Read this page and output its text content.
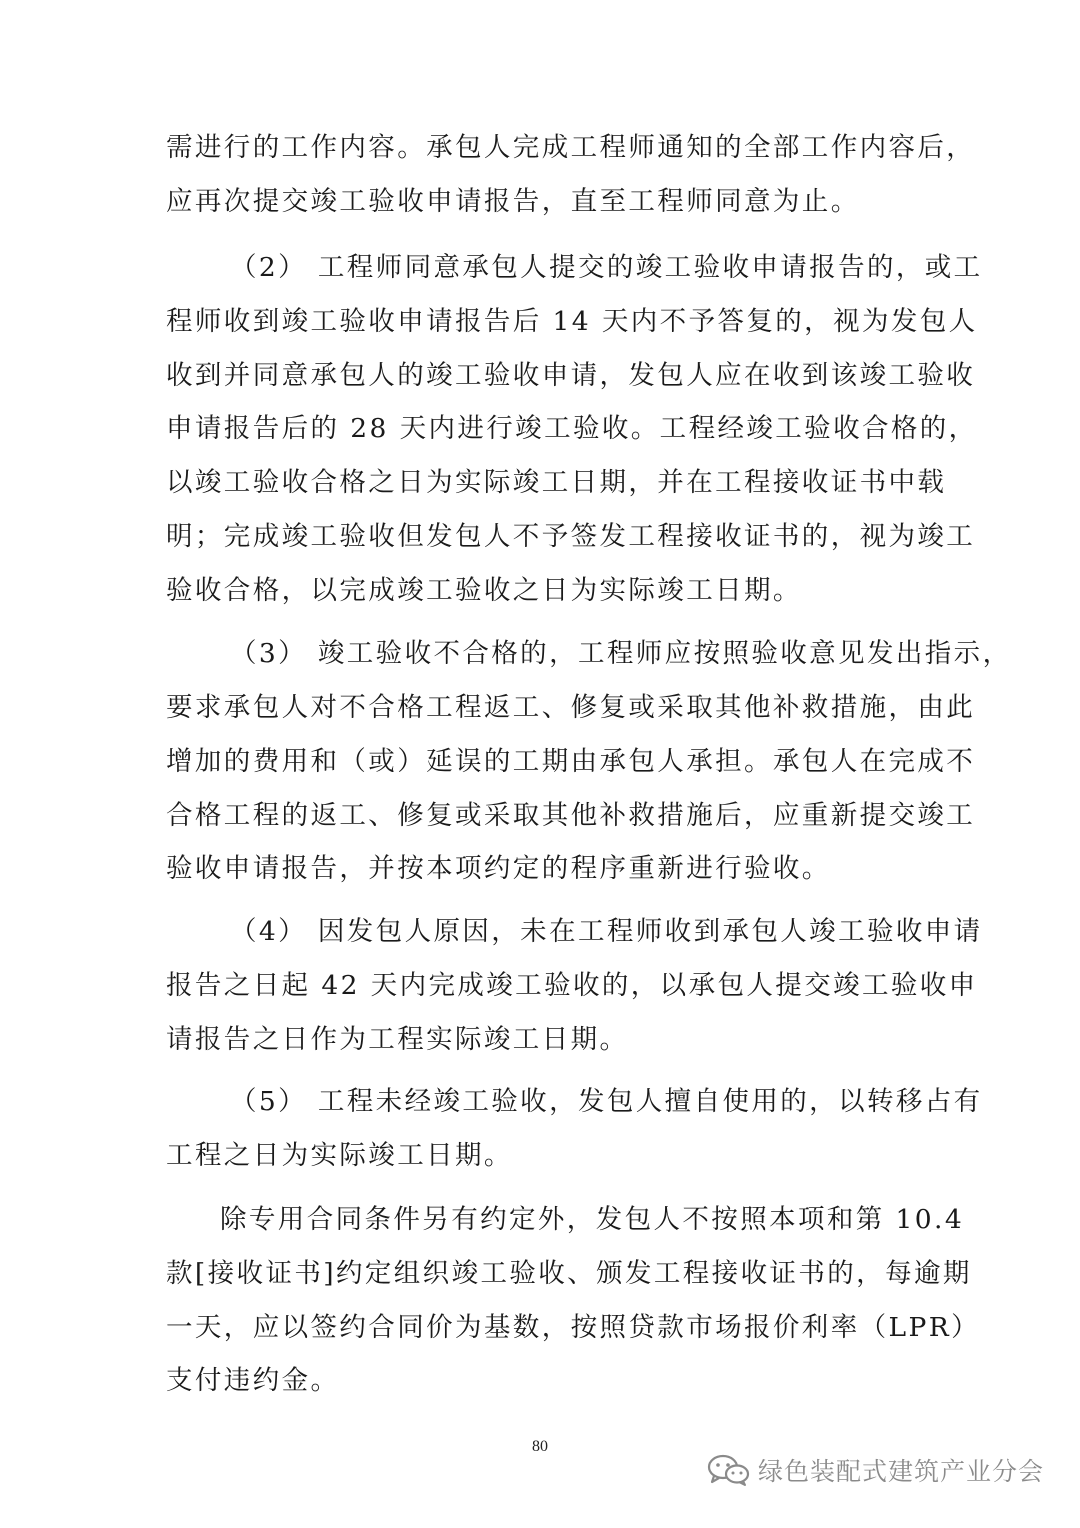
需进行的工作内容。承包人完成工程师通知的全部工作内容后，
应再次提交竣工验收申请报告，直至工程师同意为止。
（2） 工程师同意承包人提交的竣工验收申请报告的，或工
程师收到竣工验收申请报告后 14 天内不予答复的，视为发包人
收到并同意承包人的竣工验收申请，发包人应在收到该竣工验收
申请报告后的 28 天内进行竣工验收。工程经竣工验收合格的，
以竣工验收合格之日为实际竣工日期，并在工程接收证书中载
明；完成竣工验收但发包人不予签发工程接收证书的，视为竣工
验收合格，以完成竣工验收之日为实际竣工日期。
（3） 竣工验收不合格的，工程师应按照验收意见发出指示，
要求承包人对不合格工程返工、修复或采取其他补救措施，由此
增加的费用和（或）延误的工期由承包人承担。承包人在完成不
合格工程的返工、修复或采取其他补救措施后，应重新提交竣工
验收申请报告，并按本项约定的程序重新进行验收。
（4） 因发包人原因，未在工程师收到承包人竣工验收申请
报告之日起 42 天内完成竣工验收的，以承包人提交竣工验收申
请报告之日作为工程实际竣工日期。
（5） 工程未经竣工验收，发包人擅自使用的，以转移占有
工程之日为实际竣工日期。
除专用合同条件另有约定外，发包人不按照本项和第 10.4
款[接收证书]约定组织竣工验收、颁发工程接收证书的，每逾期
一天，应以签约合同价为基数，按照贷款市场报价利率（LPR）
支付违约金。
80
绿色装配式建筑产业分会
